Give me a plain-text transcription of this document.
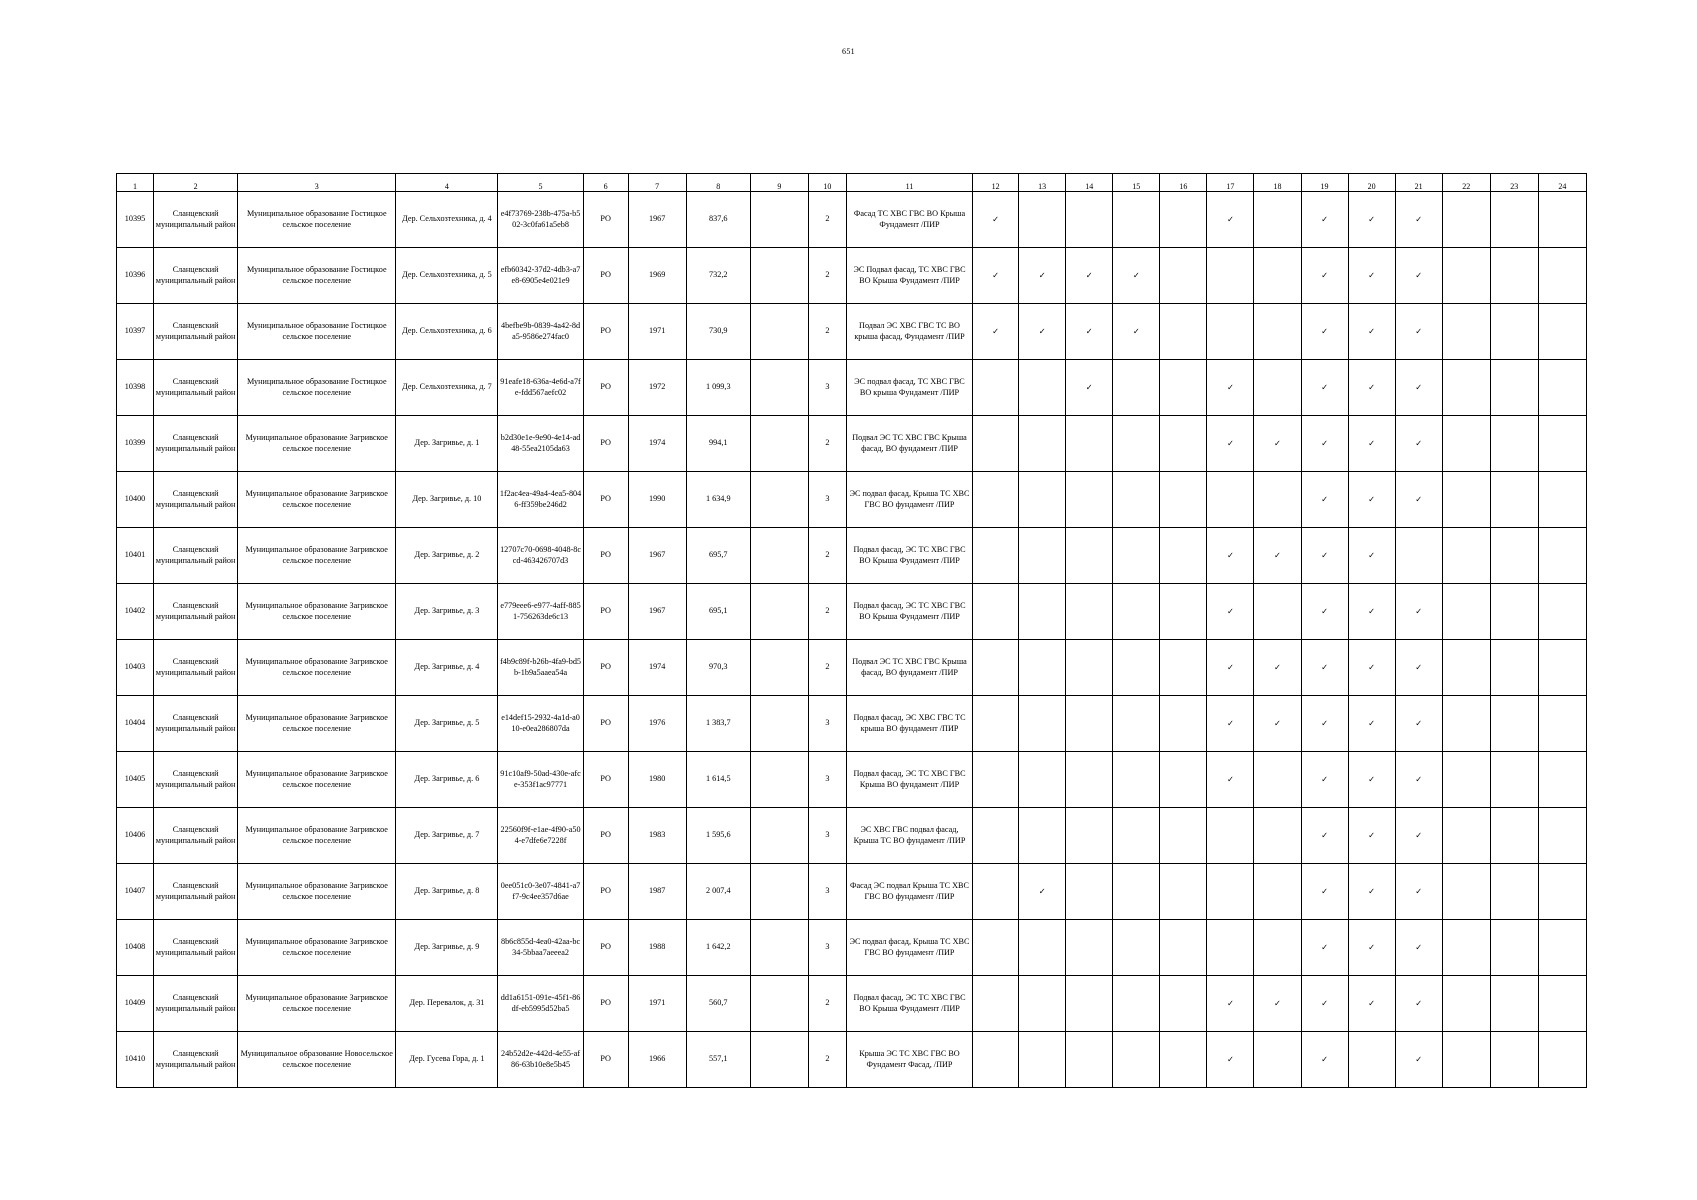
651
1	2	3	4	5	6	7	8	9	10	11	12	13	14	15	16	17	18	19	20	21	22	23	24
10395	Сланцевский муниципальный район	Муниципальное образование Гостицкое сельское поселение	Дер. Сельхозтехника, д. 4	e4f73769-238b-475a-b502-3c0fa61a5eb8	РО	1967	837,6		2	Фасад ТС ХВС ГВС ВО Крыша Фундамент /ПИР	✓					✓		✓	✓	✓			
10396	Сланцевский муниципальный район	Муниципальное образование Гостицкое сельское поселение	Дер. Сельхозтехника, д. 5	efb60342-37d2-4db3-a7e8-6905e4e021e9	РО	1969	732,2		2	ЭС Подвал фасад, ТС ХВС ГВС ВО Крыша Фундамент /ПИР	✓	✓	✓	✓				✓	✓	✓			
10397	Сланцевский муниципальный район	Муниципальное образование Гостицкое сельское поселение	Дер. Сельхозтехника, д. 6	4befbe9b-0839-4a42-8da5-9586e274fac0	РО	1971	730,9		2	Подвал ЭС ХВС ГВС ТС ВО крыша фасад, Фундамент /ПИР	✓	✓	✓	✓				✓	✓	✓			
10398	Сланцевский муниципальный район	Муниципальное образование Гостицкое сельское поселение	Дер. Сельхозтехника, д. 7	91eafe18-636a-4e6d-a7fe-fdd567aefc02	РО	1972	1 099,3		3	ЭС подвал фасад, ТС ХВС ГВС ВО крыша Фундамент /ПИР			✓			✓		✓	✓	✓			
10399	Сланцевский муниципальный район	Муниципальное образование Загривское сельское поселение	Дер. Загривье, д. 1	b2d30e1e-9e90-4e14-ad48-55ea2105da63	РО	1974	994,1		2	Подвал ЭС ТС ХВС ГВС Крыша фасад, ВО фундамент /ПИР						✓	✓	✓	✓	✓			
10400	Сланцевский муниципальный район	Муниципальное образование Загривское сельское поселение	Дер. Загривье, д. 10	1f2ac4ea-49a4-4ea5-8046-ff359be246d2	РО	1990	1 634,9		3	ЭС подвал фасад, Крыша ТС ХВС ГВС ВО фундамент /ПИР								✓	✓	✓			
10401	Сланцевский муниципальный район	Муниципальное образование Загривское сельское поселение	Дер. Загривье, д. 2	12707c70-0698-4048-8ccd-463426707d3	РО	1967	695,7		2	Подвал фасад, ЭС ТС ХВС ГВС ВО Крыша Фундамент /ПИР						✓	✓	✓	✓				
10402	Сланцевский муниципальный район	Муниципальное образование Загривское сельское поселение	Дер. Загривье, д. 3	e779eee6-e977-4aff-8851-756263de6c13	РО	1967	695,1		2	Подвал фасад, ЭС ТС ХВС ГВС ВО Крыша Фундамент /ПИР						✓		✓	✓	✓			
10403	Сланцевский муниципальный район	Муниципальное образование Загривское сельское поселение	Дер. Загривье, д. 4	f4b9c89f-b26b-4fa9-bd5b-1b9a5aaea54a	РО	1974	970,3		2	Подвал ЭС ТС ХВС ГВС Крыша фасад, ВО фундамент /ПИР						✓	✓	✓	✓	✓			
10404	Сланцевский муниципальный район	Муниципальное образование Загривское сельское поселение	Дер. Загривье, д. 5	e14def15-2932-4a1d-a010-e0ea286807da	РО	1976	1 383,7		3	Подвал фасад, ЭС ХВС ГВС ТС крыша ВО фундамент /ПИР						✓	✓	✓	✓	✓			
10405	Сланцевский муниципальный район	Муниципальное образование Загривское сельское поселение	Дер. Загривье, д. 6	91c10af9-50ad-430e-afce-353f1ac97771	РО	1980	1 614,5		3	Подвал фасад, ЭС ТС ХВС ГВС Крыша ВО фундамент /ПИР						✓		✓	✓	✓			
10406	Сланцевский муниципальный район	Муниципальное образование Загривское сельское поселение	Дер. Загривье, д. 7	22560f9f-e1ae-4f90-a504-e7dfe6e7228f	РО	1983	1 595,6		3	ЭС ХВС ГВС подвал фасад, Крыша ТС ВО фундамент /ПИР								✓	✓	✓			
10407	Сланцевский муниципальный район	Муниципальное образование Загривское сельское поселение	Дер. Загривье, д. 8	0ee051c0-3e07-4841-a7f7-9c4ee357d6ae	РО	1987	2 007,4		3	Фасад ЭС подвал Крыша ТС ХВС ГВС ВО фундамент /ПИР		✓						✓	✓	✓			
10408	Сланцевский муниципальный район	Муниципальное образование Загривское сельское поселение	Дер. Загривье, д. 9	8b6c855d-4ea0-42aa-bc34-5bbaa7aeeea2	РО	1988	1 642,2		3	ЭС подвал фасад, Крыша ТС ХВС ГВС ВО фундамент /ПИР								✓	✓	✓			
10409	Сланцевский муниципальный район	Муниципальное образование Загривское сельское поселение	Дер. Перевалок, д. 31	dd1a6151-091e-45f1-86df-eb5995d52ba5	РО	1971	560,7		2	Подвал фасад, ЭС ТС ХВС ГВС ВО Крыша Фундамент /ПИР						✓	✓	✓	✓	✓			
10410	Сланцевский муниципальный район	Муниципальное образование Новосельское сельское поселение	Дер. Гусева Гора, д. 1	24b52d2e-442d-4e55-af86-63b10e8e5b45	РО	1966	557,1		2	Крыша ЭС ТС ХВС ГВС ВО Фундамент Фасад, /ПИР						✓		✓		✓			
